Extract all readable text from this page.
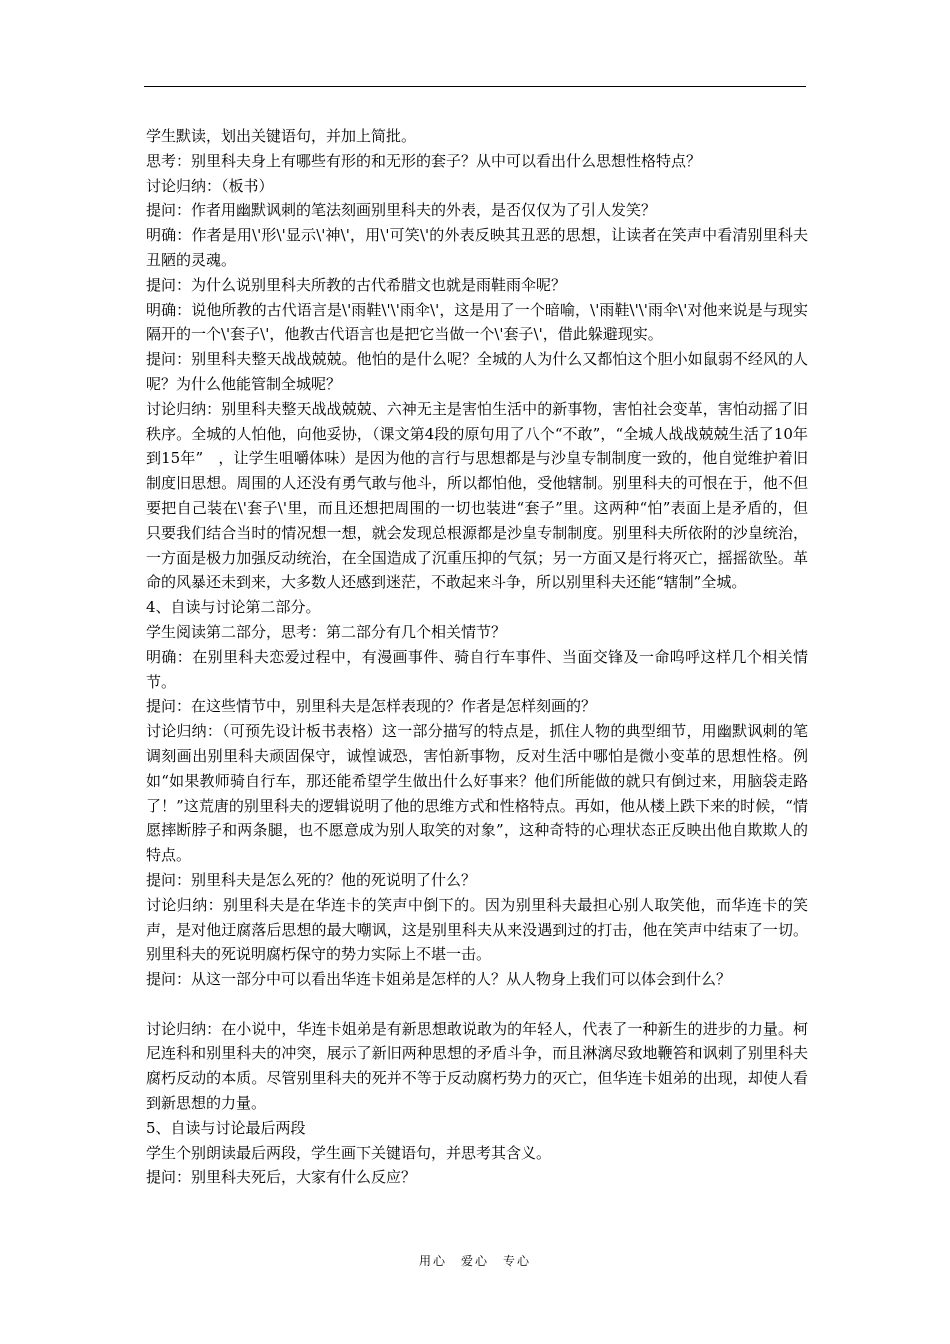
学生默读，划出关键语句，并加上简批。

思考：别里科夫身上有哪些有形的和无形的套子？从中可以看出什么思想性格特点？

讨论归纳：（板书）

提问：作者用幽默讽刺的笔法刻画别里科夫的外表，是否仅仅为了引人发笑？

明确：作者是用\'形\'显示\'神\'，用\'可笑\'的外表反映其丑恶的思想，让读者在笑声中看清别里科夫丑陋的灵魂。

提问：为什么说别里科夫所教的古代希腊文也就是雨鞋雨伞呢？

明确：说他所教的古代语言是\'雨鞋\'\'雨伞\'，这是用了一个暗喻，\'雨鞋\'\'雨伞\'对他来说是与现实隔开的一个\'套子\'，他教古代语言也是把它当做一个\'套子\'，借此躲避现实。

提问：别里科夫整天战战兢兢。他怕的是什么呢？全城的人为什么又都怕这个胆小如鼠弱不经风的人呢？为什么他能管制全城呢？

讨论归纳：别里科夫整天战战兢兢、六神无主是害怕生活中的新事物，害怕社会变革，害怕动摇了旧秩序。全城的人怕他，向他妥协，（课文第4段的原句用了八个“不敢”，“全城人战战兢兢生活了10年到15年”　，让学生咀嚼体味）是因为他的言行与思想都是与沙皇专制制度一致的，他自觉维护着旧制度旧思想。周围的人还没有勇气敢与他斗，所以都怕他，受他辖制。别里科夫的可恨在于，他不但要把自己装在\'套子\'里，而且还想把周围的一切也装进“套子”里。这两种“怕”表面上是矛盾的，但只要我们结合当时的情况想一想，就会发现总根源都是沙皇专制制度。别里科夫所依附的沙皇统治，一方面是极力加强反动统治，在全国造成了沉重压抑的气氛；另一方面又是行将灭亡，摇摇欲坠。革命的风暴还未到来，大多数人还感到迷茫，不敢起来斗争，所以别里科夫还能“辖制”全城。

4、自读与讨论第二部分。

学生阅读第二部分，思考：第二部分有几个相关情节？

明确：在别里科夫恋爱过程中，有漫画事件、骑自行车事件、当面交锋及一命呜呼这样几个相关情节。

提问：在这些情节中，别里科夫是怎样表现的？作者是怎样刻画的？

讨论归纳：（可预先设计板书表格）这一部分描写的特点是，抓住人物的典型细节，用幽默讽刺的笔调刻画出别里科夫顽固保守，诚惶诚恐，害怕新事物，反对生活中哪怕是微小变革的思想性格。例如“如果教师骑自行车，那还能希望学生做出什么好事来？他们所能做的就只有倒过来，用脑袋走路了！”这荒唐的别里科夫的逻辑说明了他的思维方式和性格特点。再如，他从楼上跌下来的时候，“情愿摔断脖子和两条腿，也不愿意成为别人取笑的对象”，这种奇特的心理状态正反映出他自欺欺人的特点。

提问：别里科夫是怎么死的？他的死说明了什么？

讨论归纳：别里科夫是在华连卡的笑声中倒下的。因为别里科夫最担心别人取笑他，而华连卡的笑声，是对他迂腐落后思想的最大嘲讽，这是别里科夫从来没遇到过的打击，他在笑声中结束了一切。别里科夫的死说明腐朽保守的势力实际上不堪一击。

提问：从这一部分中可以看出华连卡姐弟是怎样的人？从人物身上我们可以体会到什么？

讨论归纳：在小说中，华连卡姐弟是有新思想敢说敢为的年轻人，代表了一种新生的进步的力量。柯尼连科和别里科夫的冲突，展示了新旧两种思想的矛盾斗争，而且淋漓尽致地鞭笞和讽刺了别里科夫腐朽反动的本质。尽管别里科夫的死并不等于反动腐朽势力的灭亡，但华连卡姐弟的出现，却使人看到新思想的力量。

5、自读与讨论最后两段

学生个别朗读最后两段，学生画下关键语句，并思考其含义。

提问：别里科夫死后，大家有什么反应？

用心　爱心　专心
